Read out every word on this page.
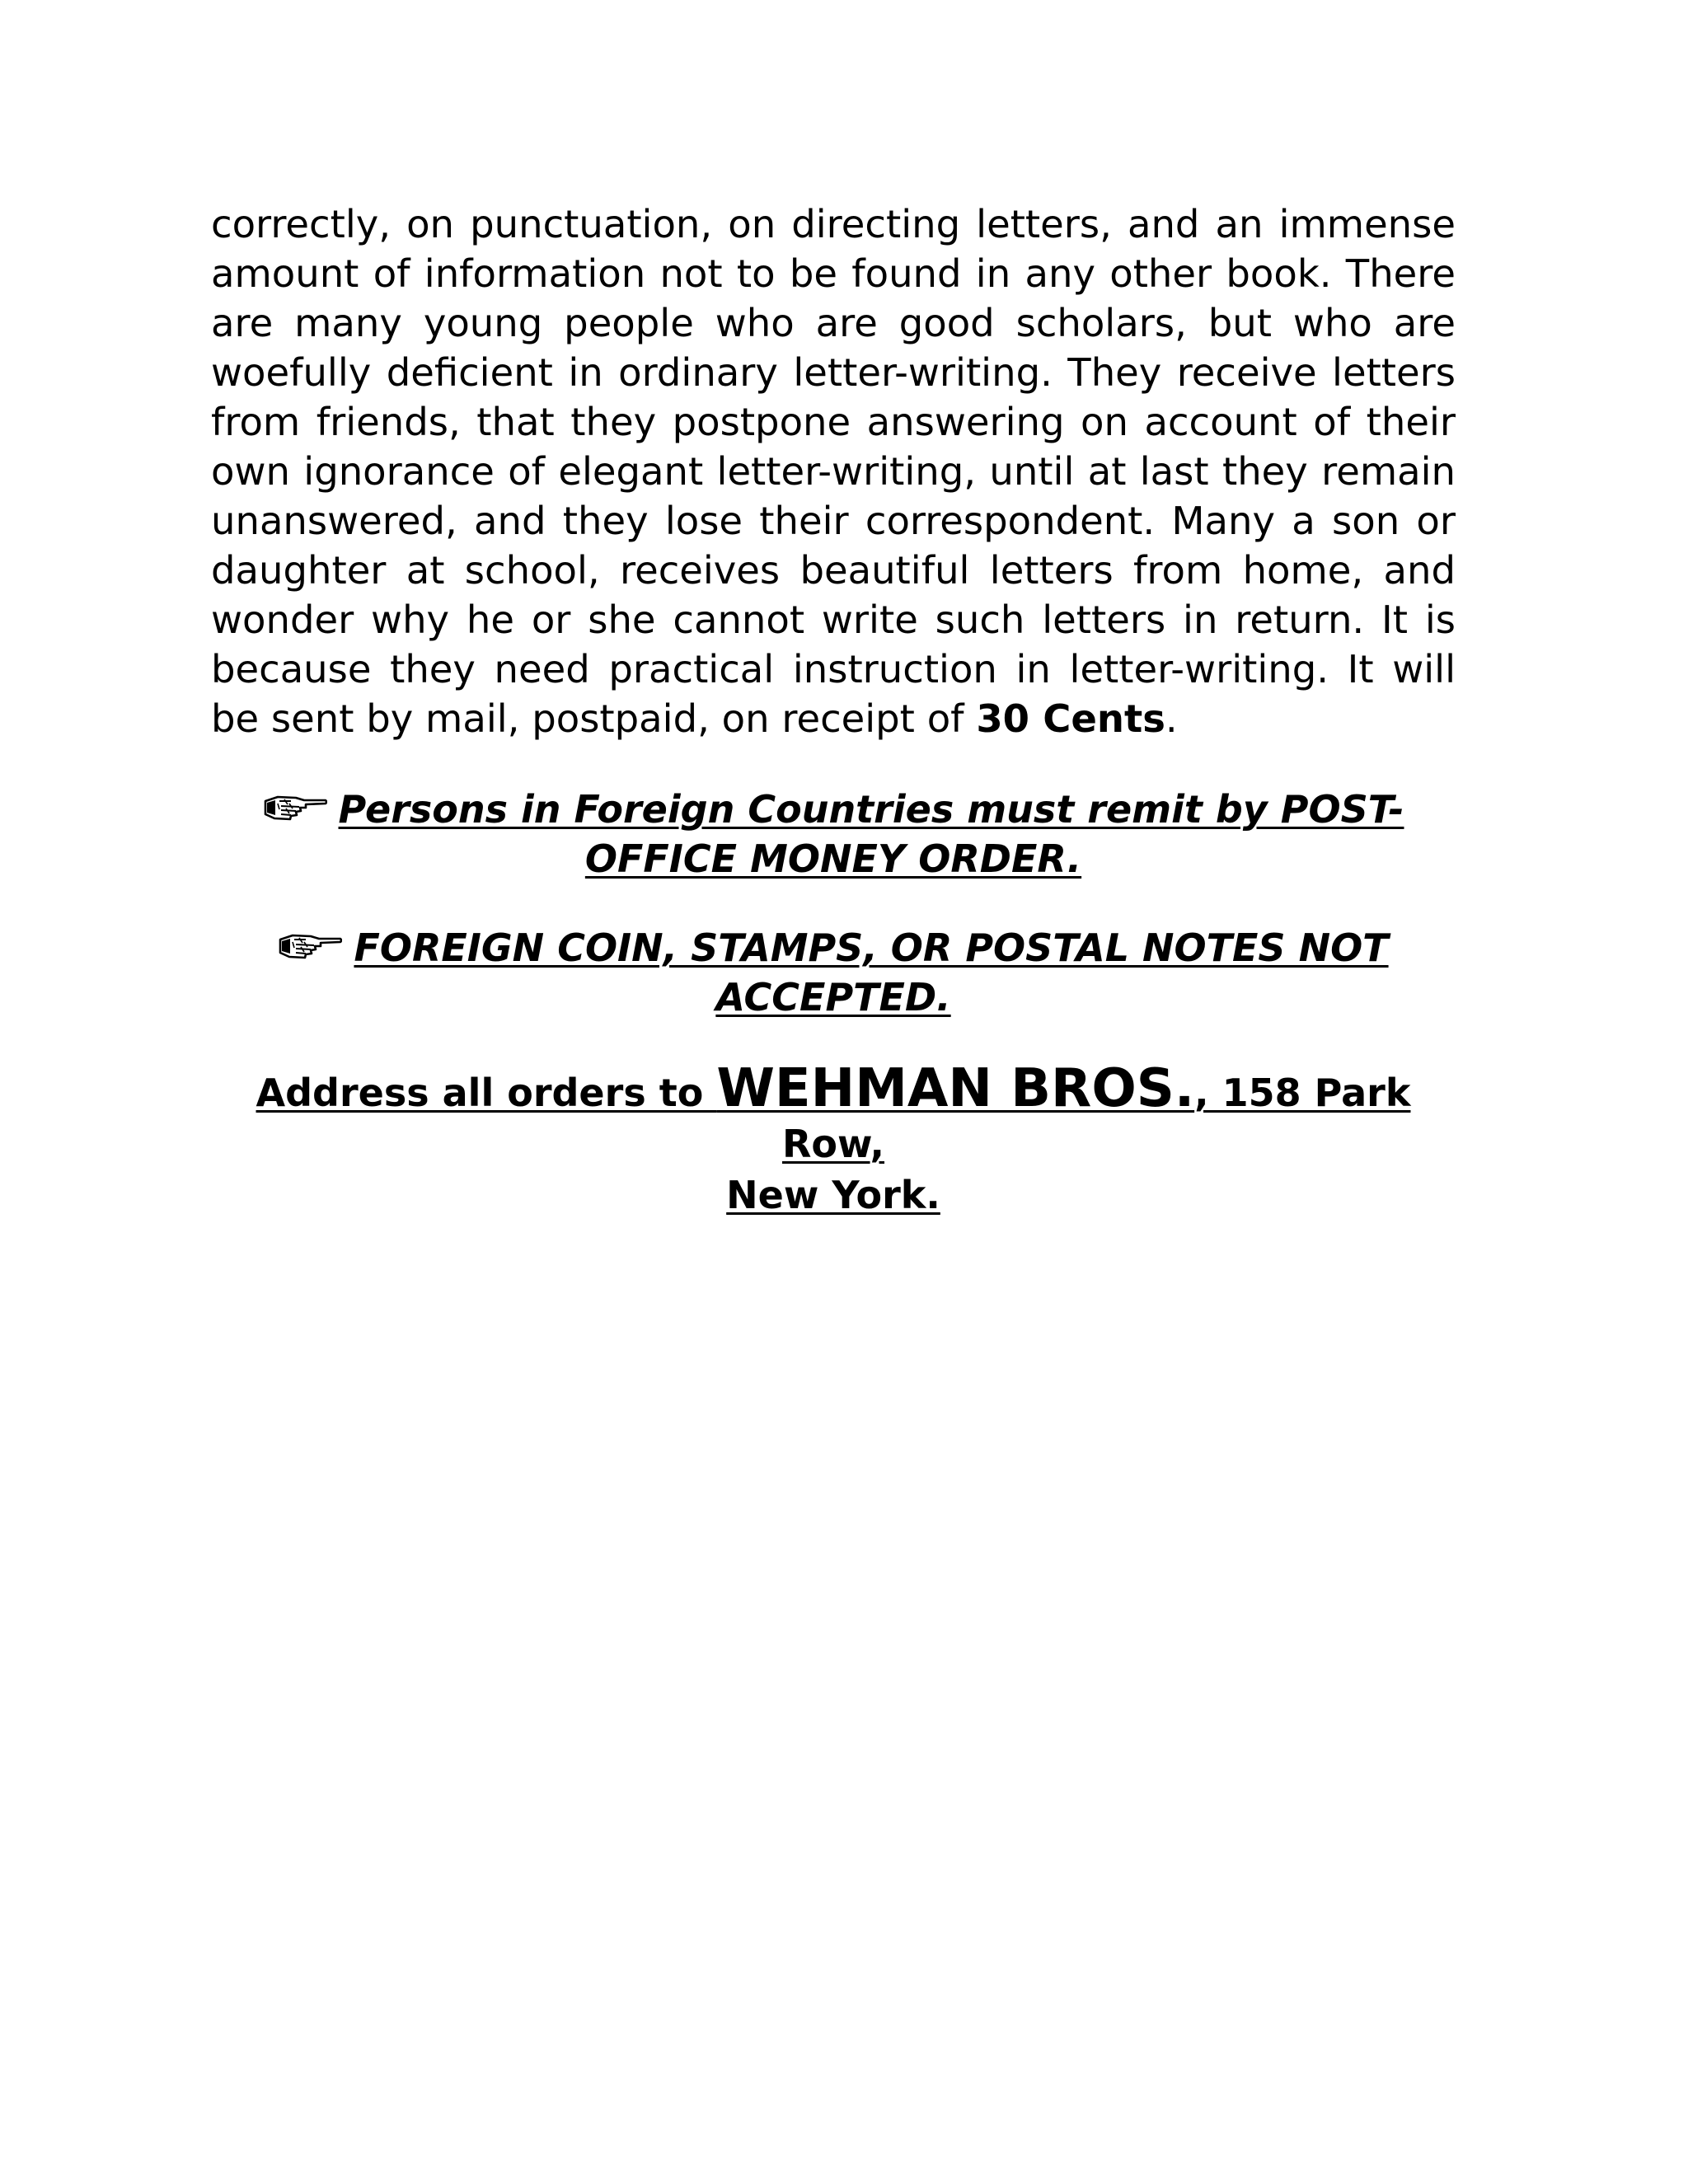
correctly, on punctuation, on directing letters, and an immense amount of information not to be found in any other book. There are many young people who are good scholars, but who are woefully deficient in ordinary letter-writing. They receive letters from friends, that they postpone answering on account of their own ignorance of elegant letter-writing, until at last they remain unanswered, and they lose their correspondent. Many a son or daughter at school, receives beautiful letters from home, and wonder why he or she cannot write such letters in return. It is because they need practical instruction in letter-writing. It will be sent by mail, postpaid, on receipt of 30 Cents.

Persons in Foreign Countries must remit by POST-OFFICE MONEY ORDER.

FOREIGN COIN, STAMPS, OR POSTAL NOTES NOT ACCEPTED.

Address all orders to WEHMAN BROS., 158 Park Row,
New York.
